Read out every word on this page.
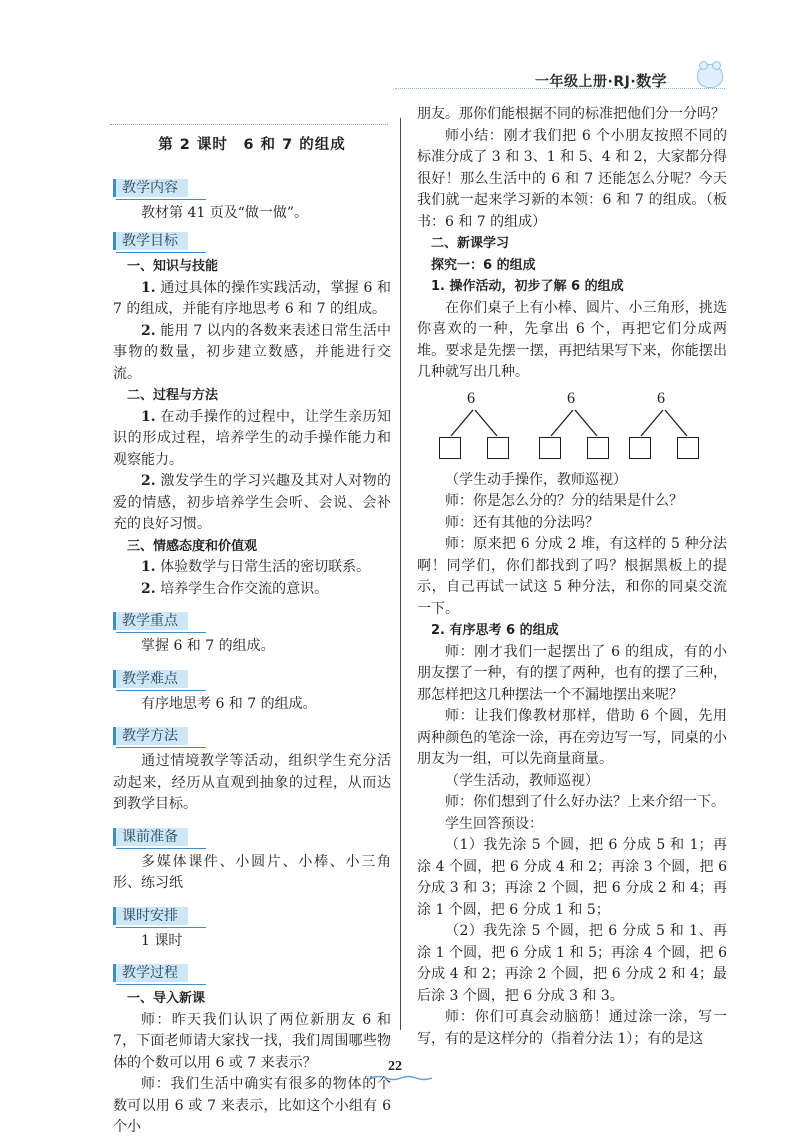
一年级上册·RJ·数学
第 2 课时　6 和 7 的组成
教学内容

教材第 41 页及“做一做”。

教学目标

一、知识与技能

1. 通过具体的操作实践活动，掌握 6 和 7 的组成，并能有序地思考 6 和 7 的组成。

2. 能用 7 以内的各数来表述日常生活中事物的数量，初步建立数感，并能进行交流。

二、过程与方法

1. 在动手操作的过程中，让学生亲历知识的形成过程，培养学生的动手操作能力和观察能力。

2. 激发学生的学习兴趣及其对人对物的爱的情感，初步培养学生会听、会说、会补充的良好习惯。

三、情感态度和价值观

1. 体验数学与日常生活的密切联系。

2. 培养学生合作交流的意识。

教学重点

掌握 6 和 7 的组成。

教学难点

有序地思考 6 和 7 的组成。

教学方法

通过情境教学等活动，组织学生充分活动起来，经历从直观到抽象的过程，从而达到教学目标。

课前准备

多媒体课件、小圆片、小棒、小三角形、练习纸

课时安排

1 课时

教学过程

一、导入新课

师：昨天我们认识了两位新朋友 6 和 7，下面老师请大家找一找，我们周围哪些物体的个数可以用 6 或 7 来表示？

师：我们生活中确实有很多的物体的个数可以用 6 或 7 来表示，比如这个小组有 6 个小

朋友。那你们能根据不同的标准把他们分一分吗？

师小结：刚才我们把 6 个小朋友按照不同的标准分成了 3 和 3、1 和 5、4 和 2，大家都分得很好！那么生活中的 6 和 7 还能怎么分呢？今天我们就一起来学习新的本领：6 和 7 的组成。（板书：6 和 7 的组成）

二、新课学习

探究一：6 的组成

1. 操作活动，初步了解 6 的组成

在你们桌子上有小棒、圆片、小三角形，挑选你喜欢的一种，先拿出 6 个，再把它们分成两堆。要求是先摆一摆，再把结果写下来，你能摆出几种就写出几种。

6	6	6

（学生动手操作，教师巡视）

师：你是怎么分的？分的结果是什么？

师：还有其他的分法吗？

师：原来把 6 分成 2 堆，有这样的 5 种分法啊！同学们，你们都找到了吗？根据黑板上的提示，自己再试一试这 5 种分法，和你的同桌交流一下。

2. 有序思考 6 的组成

师：刚才我们一起摆出了 6 的组成，有的小朋友摆了一种，有的摆了两种，也有的摆了三种，那怎样把这几种摆法一个不漏地摆出来呢？

师：让我们像教材那样，借助 6 个圆，先用两种颜色的笔涂一涂，再在旁边写一写，同桌的小朋友为一组，可以先商量商量。

（学生活动，教师巡视）

师：你们想到了什么好办法？上来介绍一下。

学生回答预设：

（1）我先涂 5 个圆，把 6 分成 5 和 1；再涂 4 个圆，把 6 分成 4 和 2；再涂 3 个圆，把 6 分成 3 和 3；再涂 2 个圆，把 6 分成 2 和 4；再涂 1 个圆，把 6 分成 1 和 5；

（2）我先涂 5 个圆，把 6 分成 5 和 1、再涂 1 个圆，把 6 分成 1 和 5；再涂 4 个圆，把 6 分成 4 和 2；再涂 2 个圆，把 6 分成 2 和 4；最后涂 3 个圆，把 6 分成 3 和 3。

师：你们可真会动脑筋！通过涂一涂，写一写，有的是这样分的（指着分法 1）；有的是这

22
